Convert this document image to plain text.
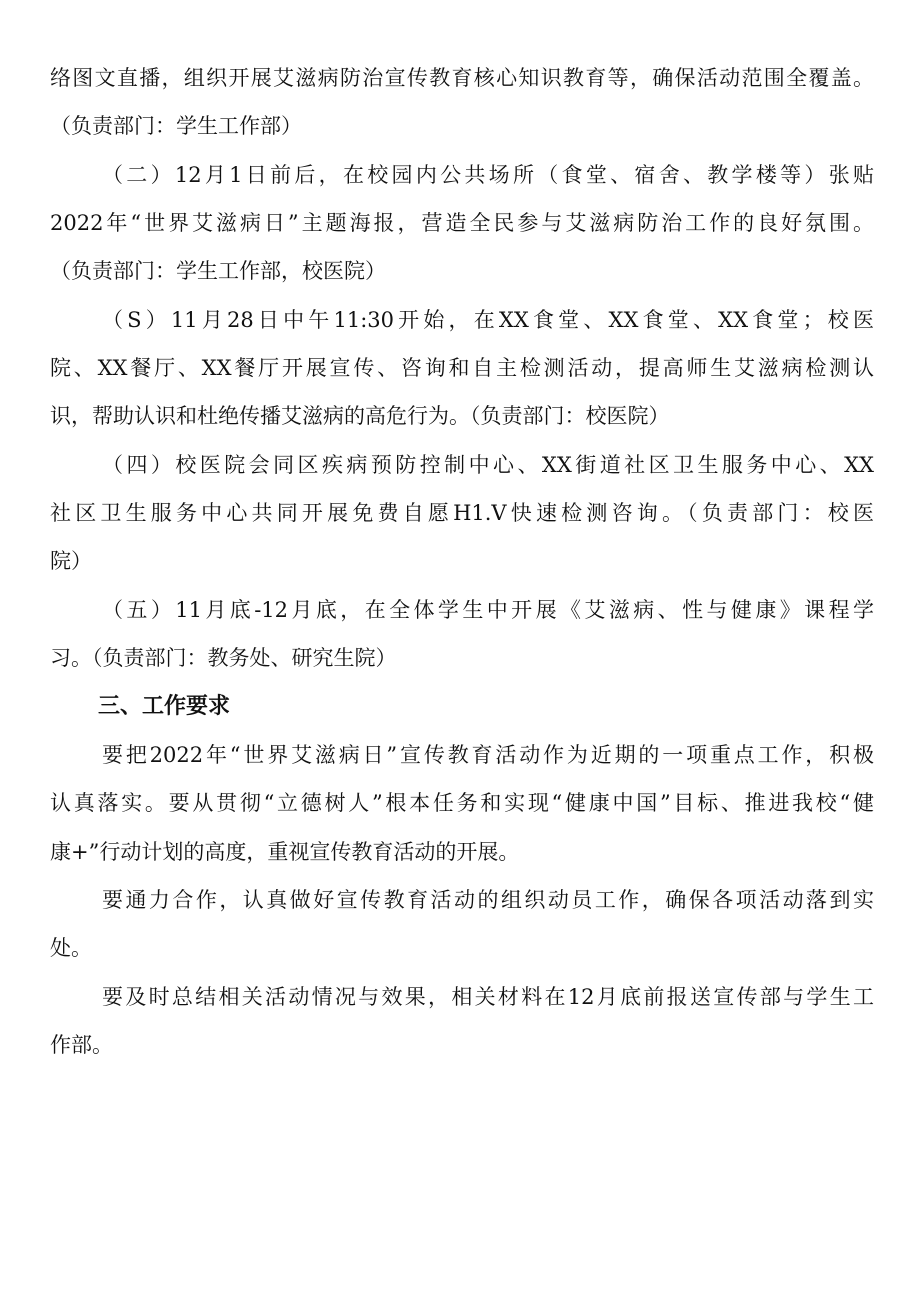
络图文直播，组织开展艾滋病防治宣传教育核心知识教育等，确保活动范围全覆盖。
（负责部门：学生工作部）
（二）12月1日前后，在校园内公共场所（食堂、宿舍、教学楼等）张贴
2022年“世界艾滋病日”主题海报，营造全民参与艾滋病防治工作的良好氛围。
（负责部门：学生工作部，校医院）
（S）11月28日中午11:30开始，在XX食堂、XX食堂、XX食堂；校医
院、XX餐厅、XX餐厅开展宣传、咨询和自主检测活动，提高师生艾滋病检测认
识，帮助认识和杜绝传播艾滋病的高危行为。（负责部门：校医院）
（四）校医院会同区疾病预防控制中心、XX街道社区卫生服务中心、XX
社区卫生服务中心共同开展免费自愿H1.V快速检测咨询。（负责部门：校医
院）
（五）11月底-12月底，在全体学生中开展《艾滋病、性与健康》课程学
习。（负责部门：教务处、研究生院）
三、工作要求
要把2022年“世界艾滋病日”宣传教育活动作为近期的一项重点工作，积极
认真落实。要从贯彻“立德树人”根本任务和实现“健康中国”目标、推进我校“健
康+”行动计划的高度，重视宣传教育活动的开展。
要通力合作，认真做好宣传教育活动的组织动员工作，确保各项活动落到实
处。
要及时总结相关活动情况与效果，相关材料在12月底前报送宣传部与学生工
作部。
